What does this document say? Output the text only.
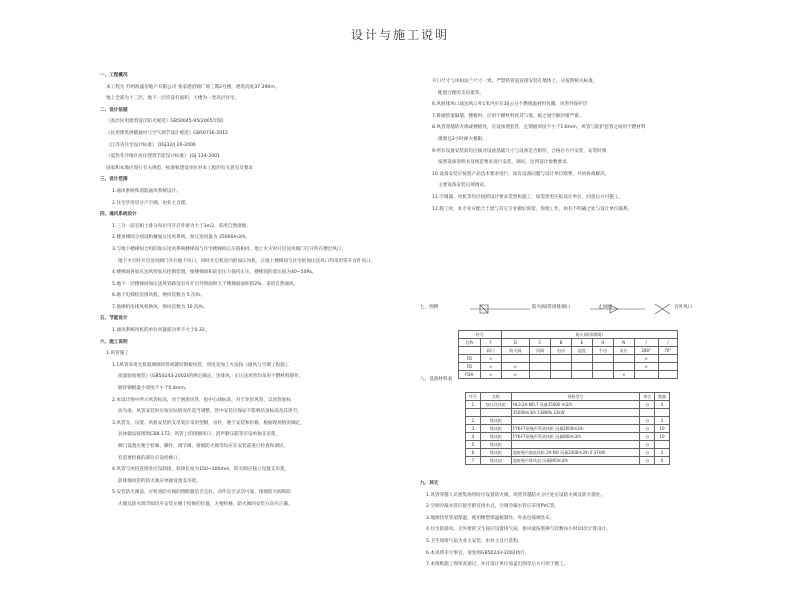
设计与施工说明
一、工程概况
本工程为 苏州海盛房地产有限公司 张家港浴锦广场三期2号楼，建筑高度37.390m。
地上全部为十三层，地下一层均设有面积，大楼为一类高层住宅。
二、设计依据
《高层民用建筑设计防火规范》GB50045-95(2005年版)
《民用建筑供暖通风与空气调节设计规范》GB50736-2012
《江苏省住宅设计标准》 DGJ32/J 26-2006
《夏热冬冷地区居住建筑节能设计标准》 JGJ 134-2001
国家和本地区现行有关规范、标准和建设单位对本工程的有关意见及要求
三、设计范围
1.通风系统和消防通风系统设计。
2.住宅毕用房分户空调，由业主自理。
四、通风系统设计
1.三分一前室相土排分每层可开启外窗为大于3m2，采用自然排烟。
2.楼顶梯间分别设机械加压送风系统，加压送风量为 35000m3/h。
3.与地下楼梯间合用的加压送风系统楼梯间与住宅楼梯间正压值相同，地上火灾时开启送风阀门打开所在楼层风口，
地下火灾时开启送风阀门开启地下风口，同时开启机房内的加压风机，在地上楼梯间与住宅的加压送风口均采用常开百叶风口。
4.楼梯间各加压送风管加压控制装置，使楼梯间和前室压力保持正压，楼梯间的余压值为40~50Pa。
5.地下一层楼梯间加压送风管路设有可开启外窗面积大于楼梯间面积的2%，采用自然通风。
6.地下电梯机房排风机，换风次数为 5 次/h。
7.地梯机房排风机换风，换风次数为 10 次/h。
五、节能设计
1.通风系统风机的单位风量耗功率不大于0.32。
六、施工说明
1.风管施工
1.1风管采用无机玻璃钢风管或镀锌钢板风管，厚度及加工方法按《通风与空调工程施工
质量验收规范》(GB50243-2002)的规定确定，送排风、正压送风管均采用不燃材料制作，
镀锌钢板最小厚度不小于0.8mm。
2.本设计图中所示风管标高，对于圆形风管，指中心线标高，对于矩形风管，以风管底标
高为准，风管安装时应按实际情况作适当调整，管中安装应保证不影响吊顶标高及其净空。
3.风管支、吊架、风机安装的支吊架应采用型钢，吊杆，便于安装和检修，根据现场情况确定，
具体做法按图集CB8-172，风管上的排烟风口、消声静压箱等应设单独支吊架，
阀门设置应便于检修、操作，调节阀、排烟防火阀等均应在安装前进行检查和调试，
有需要检修的部位应设检修口。
4.风管与风机连接处应设软接，软接长度为150~200mm，防火阀应独立设置支吊架，
防排烟风管的防火阀应单独设置支吊架。
5.安装防火阀前，应检查防火阀的熔断器是否完好，动作是否灵活可靠，排烟防火阀和防
火阀及防火调节阀均应安装在便于检修的位置，方便检修，防火阀的安装方向应正确。
开口尺寸与风机法兰尺寸一致，严禁将管道直接安装在墙体上，应按照相关标准，
配置合理的支吊架等。
6.风机排风口或送风口外1米内应有30公分不燃保温材料包覆，风管外保护层
7.排烟管道隔墙，楼板时，应用不燃材料将其与墙、板之间空隙封堵严密。
8.风管穿越防火墙或楼板处，应设预埋套管，且钢板厚度不小于1.6mm，风管与防护套管之间用不燃材料
填塞且2小时耐火极限。
9.所有设备安装前均应核对设备基础尺寸与设备是否相符，合格后方可安装，安装时须
按照设备说明书及规范要求进行安装、调试，达到设计参数要求。
10.设备安装应按照产品技术要求进行，如有设备问题与设计单位联系，共同协商解决，
主要设备安装后须调试。
11.空调器、风机等均应按照设计要求选型和施工，如需变更应报设计单位，同意后方可施工。
12.施工时，本专业应配合土建与其它专业做好预留、预埋工作，如有不明确之处与设计单位联系。
七、图例	防火阀/常闭排烟口	止回阀	百叶风口
符号		防火阀(排烟阀)							
名称	F	D	C	B	E	H	N	/	/
	阀门	防火阀	风阀	电动	温度	手动	复位	280°	70°
FD	×							×	
FD	×	×						×	
FDH	×	×					×		
八、设备材料表
序号	名称	规格型号	单位	数量
1	加压送风机	HL3-2A-NO.7 风量35000 m3/h	台	4
		35000m3/h 1380Pa 22kW		
2	排风机		台	2
3	排风机	FYK-FF低噪声管道风机 风量2600m3/h	台	10
4	排风机	FYK-FF低噪声管道风机 风量800m3/h	台	10
5	排风机		台	
6	排风机	超低噪声轴流风机 2A-NO 风量2400m3/h 0.37kW	台	2
7	排风扇	超低噪声排风扇 风量800m3/h	台	6
九、其它
1.风管穿越人员密集场所时应设置防火阀，风管穿越防火分区处应设防火阀及防火墙处。
2.空调冷凝水管应接至附近排水点，空调冷凝水管应采用PVC管。
3.地源热泵管道保温，使用橡塑保温板制作，外表包玻璃丝布。
4.住宅防排风、无外窗的卫生间应设置排气扇，排风量按照换气次数每小时10次计算设计。
5.卫生间排气扇为业主安装，由业主自行选购。
6.本说明未尽事宜，请参照GB50243-2002执行。
7.本图纸施工图审查通过，并且设计单位加盖出图章后方可用于施工。
